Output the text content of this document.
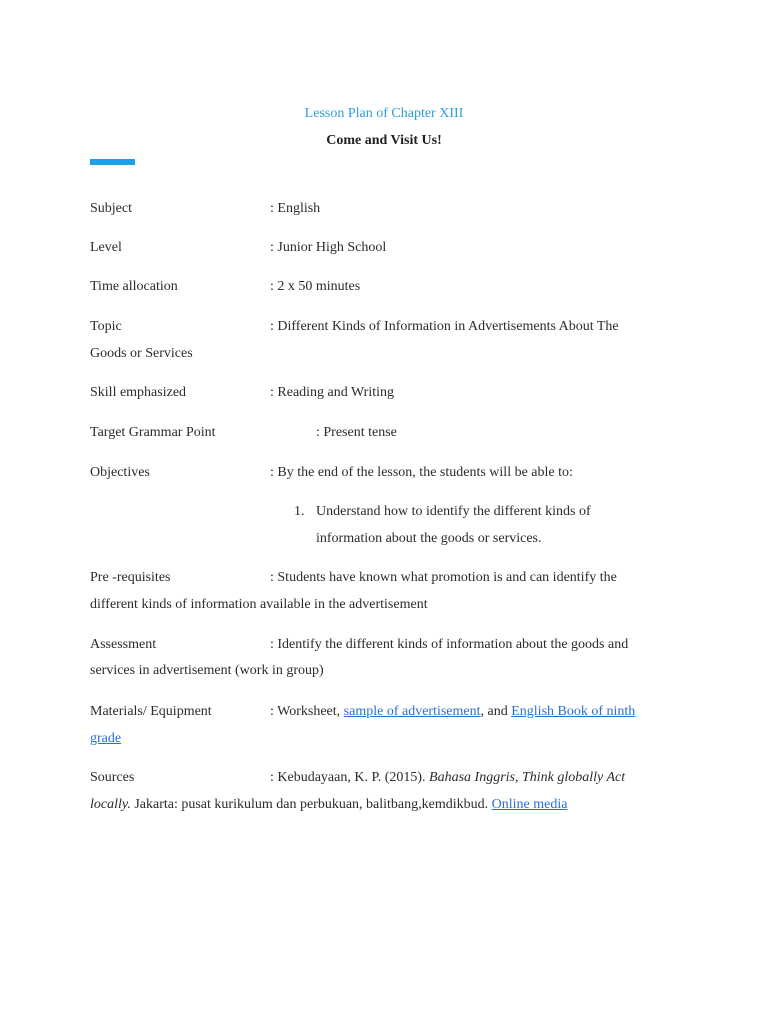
Lesson Plan of Chapter XIII
Come and Visit Us!
Subject	: English
Level	: Junior High School
Time allocation	: 2 x 50 minutes
Topic	: Different Kinds of Information in Advertisements About The
Goods or Services
Skill emphasized	: Reading and Writing
Target Grammar Point	: Present tense
Objectives	: By the end of the lesson, the students will be able to:
1. Understand how to identify the different kinds of
information about the goods or services.
Pre -requisites	: Students have known what promotion is and can identify the
different kinds of information available in the advertisement
Assessment	: Identify the different kinds of information about the goods and
services in advertisement (work in group)
Materials/ Equipment	: Worksheet, sample of advertisement, and English Book of ninth
grade
Sources	: Kebudayaan, K. P. (2015). Bahasa Inggris, Think globally Act
locally. Jakarta: pusat kurikulum dan perbukuan, balitbang,kemdikbud. Online media
